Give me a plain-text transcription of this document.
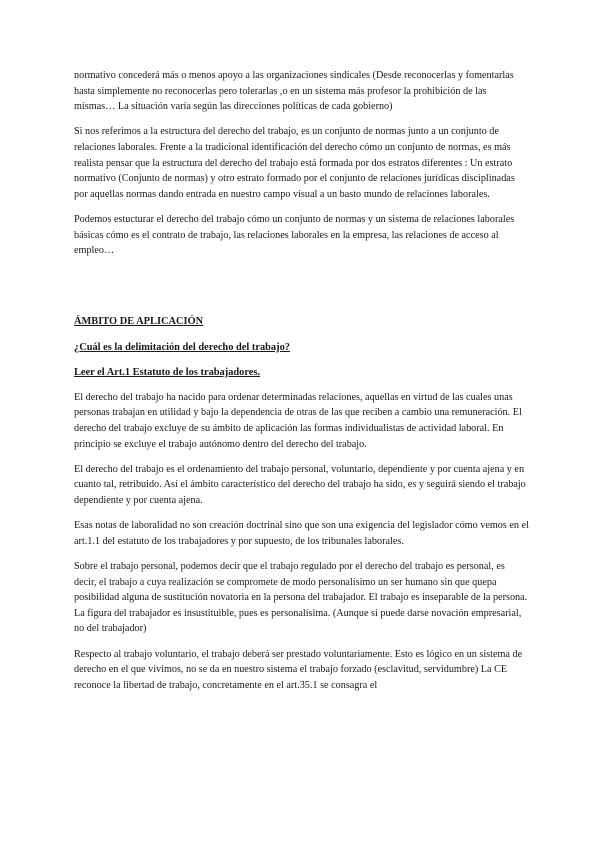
normativo concederá más o menos apoyo a las organizaciones sindicales (Desde reconocerlas y fomentarlas hasta simplemente no reconocerlas pero tolerarlas ,o en un sistema más profesor la prohibición de las mismas… La situación varía según las direcciones políticas de cada gobierno)

Si nos referimos a la estructura del derecho del trabajo, es un conjunto de normas junto a un conjunto de relaciones laborales. Frente a la tradicional identificación del derecho cómo un conjunto de normas, es más realista pensar que la estructura del derecho del trabajo está formada por dos estratos diferentes : Un estrato normativo (Conjunto de normas) y otro estrato formado por el conjunto de relaciones jurídicas disciplinadas por aquellas normas dando entrada en nuestro campo visual a un basto mundo de relaciones laborales.

Podemos estucturar el derecho del trabajo cómo un conjunto de normas y un sistema de relaciones laborales básicas cómo es el contrato de trabajo, las relaciones laborales en la empresa, las relaciones de acceso al empleo…

ÁMBITO DE APLICACIÓN
¿Cuál es la delimitación del derecho del trabajo?
Leer el Art.1 Estatuto de los trabajadores.

El derecho del trabajo ha nacido para ordenar determinadas relaciones, aquellas en virtud de las cuales unas personas trabajan en utilidad y bajo la dependencia de otras de las que reciben a cambio una remuneración. El derecho del trabajo excluye de su ámbito de aplicación las formas individualistas de actividad laboral. En principio se excluye el trabajo autónomo dentro del derecho del trabajo.

El derecho del trabajo es el ordenamiento del trabajo personal, voluntario, dependiente y por cuenta ajena y en cuanto tal, retribuido. Así el ámbito característico del derecho del trabajo ha sido, es y seguirá siendo el trabajo dependiente y por cuenta ajena.

Esas notas de laboralidad no son creación doctrinal sino que son una exigencia del legislador cómo vemos en el art.1.1 del estatuto de los trabajadores y por supuesto, de los tribunales laborales.

Sobre el trabajo personal, podemos decir que el trabajo regulado por el derecho del trabajo es personal, es decir, el trabajo a cuya realización se compromete de modo personalísimo un ser humano sin que quepa posibilidad alguna de sustitución novatoria en la persona del trabajador. El trabajo es inseparable de la persona. La figura del trabajador es insustituible, pues es personalísima. (Aunque si puede darse novación empresarial, no del trabajador)

Respecto al trabajo voluntario, el trabajo deberá ser prestado voluntariamente. Esto es lógico en un sistema de derecho en el que vivimos, no se da en nuestro sistema el trabajo forzado (esclavitud, servidumbre) La CE reconoce la libertad de trabajo, concretamente en el art.35.1 se consagra el
